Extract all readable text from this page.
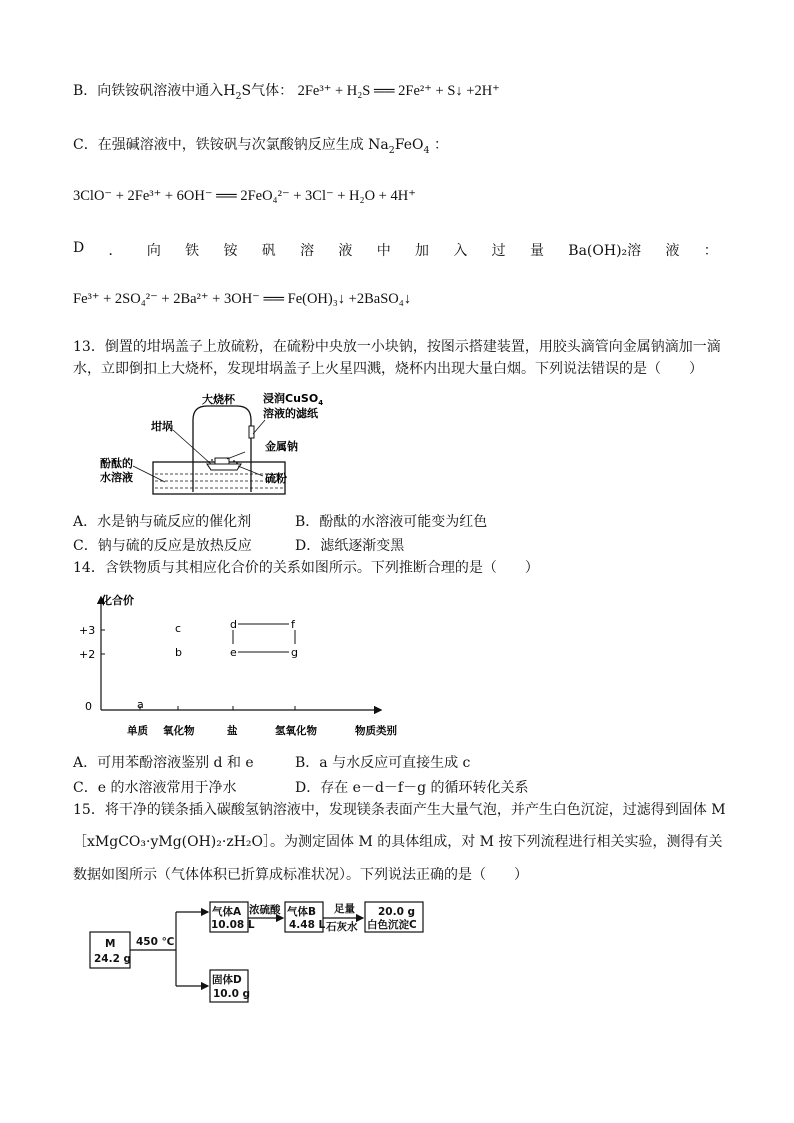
B．向铁铵矾溶液中通入$H_2S$气体： 2Fe³⁺ + H₂S ══ 2Fe²⁺ + S↓ +2H⁺
C．在强碱溶液中，铁铵矾与次氯酸钠反应生成 $Na_2FeO_4$ ：
3ClO⁻ + 2Fe³⁺ + 6OH⁻ ══ 2FeO₄²⁻ + 3Cl⁻ + H₂O + 4H⁺
D ． 向 铁 铵 矾 溶 液 中 加 入 过 量 Ba(OH)₂溶 液 ：
Fe³⁺ + 2SO₄²⁻ + 2Ba²⁺ + 3OH⁻ ══ Fe(OH)₃↓ +2BaSO₄↓
13．倒置的坩埚盖子上放硫粉，在硫粉中央放一小块钠，按图示搭建装置，用胶头滴管向金属钠滴加一滴
水，立即倒扣上大烧杯，发现坩埚盖子上火星四溅，烧杯内出现大量白烟。下列说法错误的是（　　）
大烧杯	浸润CuSO$_4$
溶液的滤纸
坩埚
金属钠
酚酞的
水溶液	硫粉
A．水是钠与硫反应的催化剂	B．酚酞的水溶液可能变为红色
C．钠与硫的反应是放热反应	D．滤纸逐渐变黑
14．含铁物质与其相应化合价的关系如图所示。下列推断合理的是（　　）
化合价
+3
+2
0
单质 氧化物	盐	氢氧化物	物质类别
a
b
c	d
e
f
g
A．可用苯酚溶液鉴别 d 和 e	B．a 与水反应可直接生成 c
C．e 的水溶液常用于净水	D．存在 e－d－f－g 的循环转化关系
15．将干净的镁条插入碳酸氢钠溶液中，发现镁条表面产生大量气泡，并产生白色沉淀，过滤得到固体 M
［xMgCO₃·yMg(OH)₂·zH₂O］。为测定固体 M 的具体组成，对 M 按下列流程进行相关实验，测得有关
数据如图所示（气体体积已折算成标准状况）。下列说法正确的是（　　）
M
24.2 g
450 ℃
气体A
10.08 L
浓硫酸 气体B
4.48 L
足量
石灰水
20.0 g
白色沉淀C
固体D
10.0 g
